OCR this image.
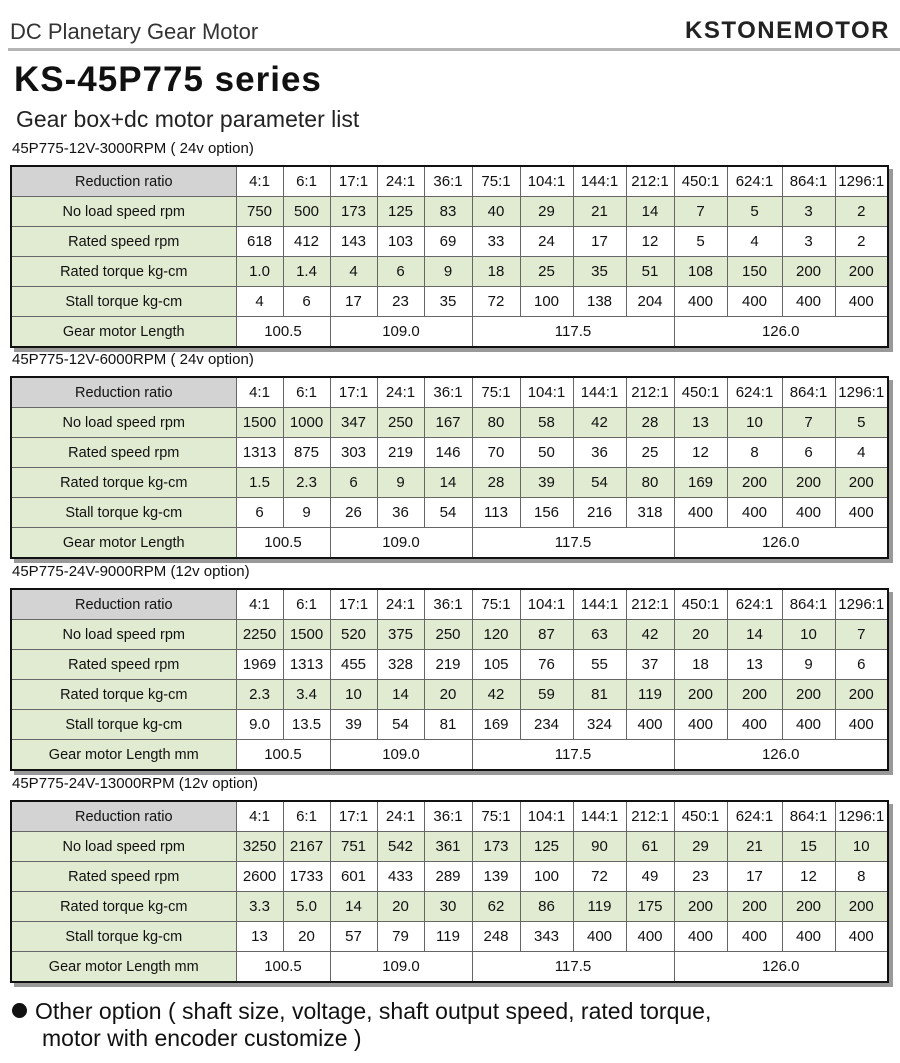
DC Planetary Gear Motor	KSTONEMOTOR
KS-45P775 series
Gear box+dc motor parameter list
45P775-12V-3000RPM ( 24v option)
Reduction ratio	4:1	6:1	17:1	24:1	36:1	75:1	104:1	144:1	212:1	450:1	624:1	864:1	1296:1
No load speed rpm	750	500	173	125	83	40	29	21	14	7	5	3	2
Rated speed rpm	618	412	143	103	69	33	24	17	12	5	4	3	2
Rated torque kg-cm	1.0	1.4	4	6	9	18	25	35	51	108	150	200	200
Stall torque kg-cm	4	6	17	23	35	72	100	138	204	400	400	400	400
Gear motor Length	100.5		109.0			117.5				126.0			
45P775-12V-6000RPM ( 24v option)
Reduction ratio	4:1	6:1	17:1	24:1	36:1	75:1	104:1	144:1	212:1	450:1	624:1	864:1	1296:1
No load speed rpm	1500	1000	347	250	167	80	58	42	28	13	10	7	5
Rated speed rpm	1313	875	303	219	146	70	50	36	25	12	8	6	4
Rated torque kg-cm	1.5	2.3	6	9	14	28	39	54	80	169	200	200	200
Stall torque kg-cm	6	9	26	36	54	113	156	216	318	400	400	400	400
Gear motor Length	100.5		109.0			117.5				126.0			
45P775-24V-9000RPM (12v option)
Reduction ratio	4:1	6:1	17:1	24:1	36:1	75:1	104:1	144:1	212:1	450:1	624:1	864:1	1296:1
No load speed rpm	2250	1500	520	375	250	120	87	63	42	20	14	10	7
Rated speed rpm	1969	1313	455	328	219	105	76	55	37	18	13	9	6
Rated torque kg-cm	2.3	3.4	10	14	20	42	59	81	119	200	200	200	200
Stall torque kg-cm	9.0	13.5	39	54	81	169	234	324	400	400	400	400	400
Gear motor Length mm	100.5		109.0			117.5				126.0			
45P775-24V-13000RPM (12v option)
Reduction ratio	4:1	6:1	17:1	24:1	36:1	75:1	104:1	144:1	212:1	450:1	624:1	864:1	1296:1
No load speed rpm	3250	2167	751	542	361	173	125	90	61	29	21	15	10
Rated speed rpm	2600	1733	601	433	289	139	100	72	49	23	17	12	8
Rated torque kg-cm	3.3	5.0	14	20	30	62	86	119	175	200	200	200	200
Stall torque kg-cm	13	20	57	79	119	248	343	400	400	400	400	400	400
Gear motor Length mm	100.5		109.0			117.5				126.0			
Other option ( shaft size, voltage, shaft output speed, rated torque,
motor with encoder customize )
